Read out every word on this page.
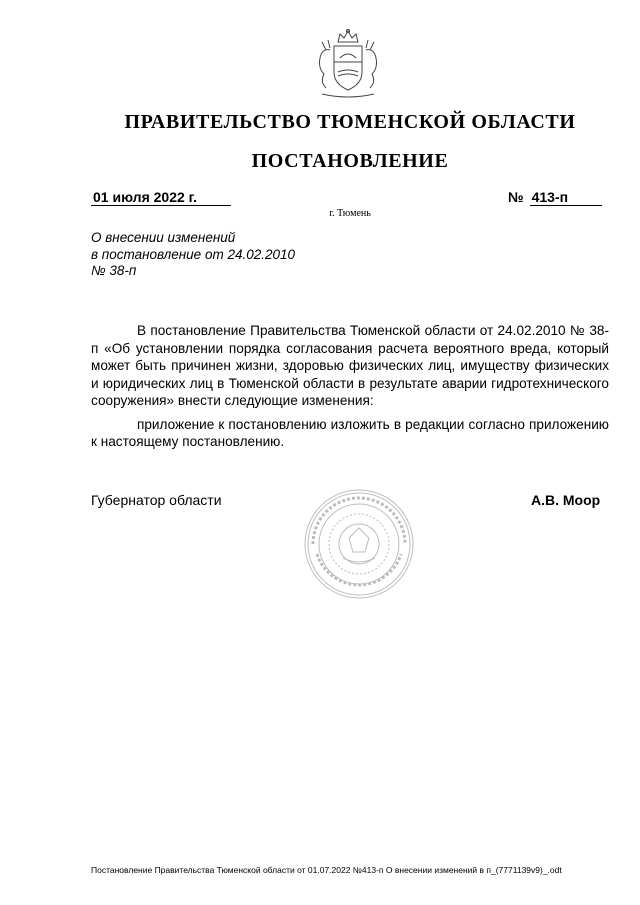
ПРАВИТЕЛЬСТВО ТЮМЕНСКОЙ ОБЛАСТИ
ПОСТАНОВЛЕНИЕ
01 июля 2022 г.	№ 413-п
г. Тюмень
О внесении изменений
в постановление от 24.02.2010
№ 38-п

В постановление Правительства Тюменской области от 24.02.2010 № 38-п «Об установлении порядка согласования расчета вероятного вреда, который может быть причинен жизни, здоровью физических лиц, имуществу физических и юридических лиц в Тюменской области в результате аварии гидротехнического сооружения» внести следующие изменения:

приложение к постановлению изложить в редакции согласно приложению к настоящему постановлению.

Губернатор области	А.В. Моор
Постановление Правительства Тюменской области от 01.07.2022 №413-п О внесении изменений в п_(7771139v9)_.odt
